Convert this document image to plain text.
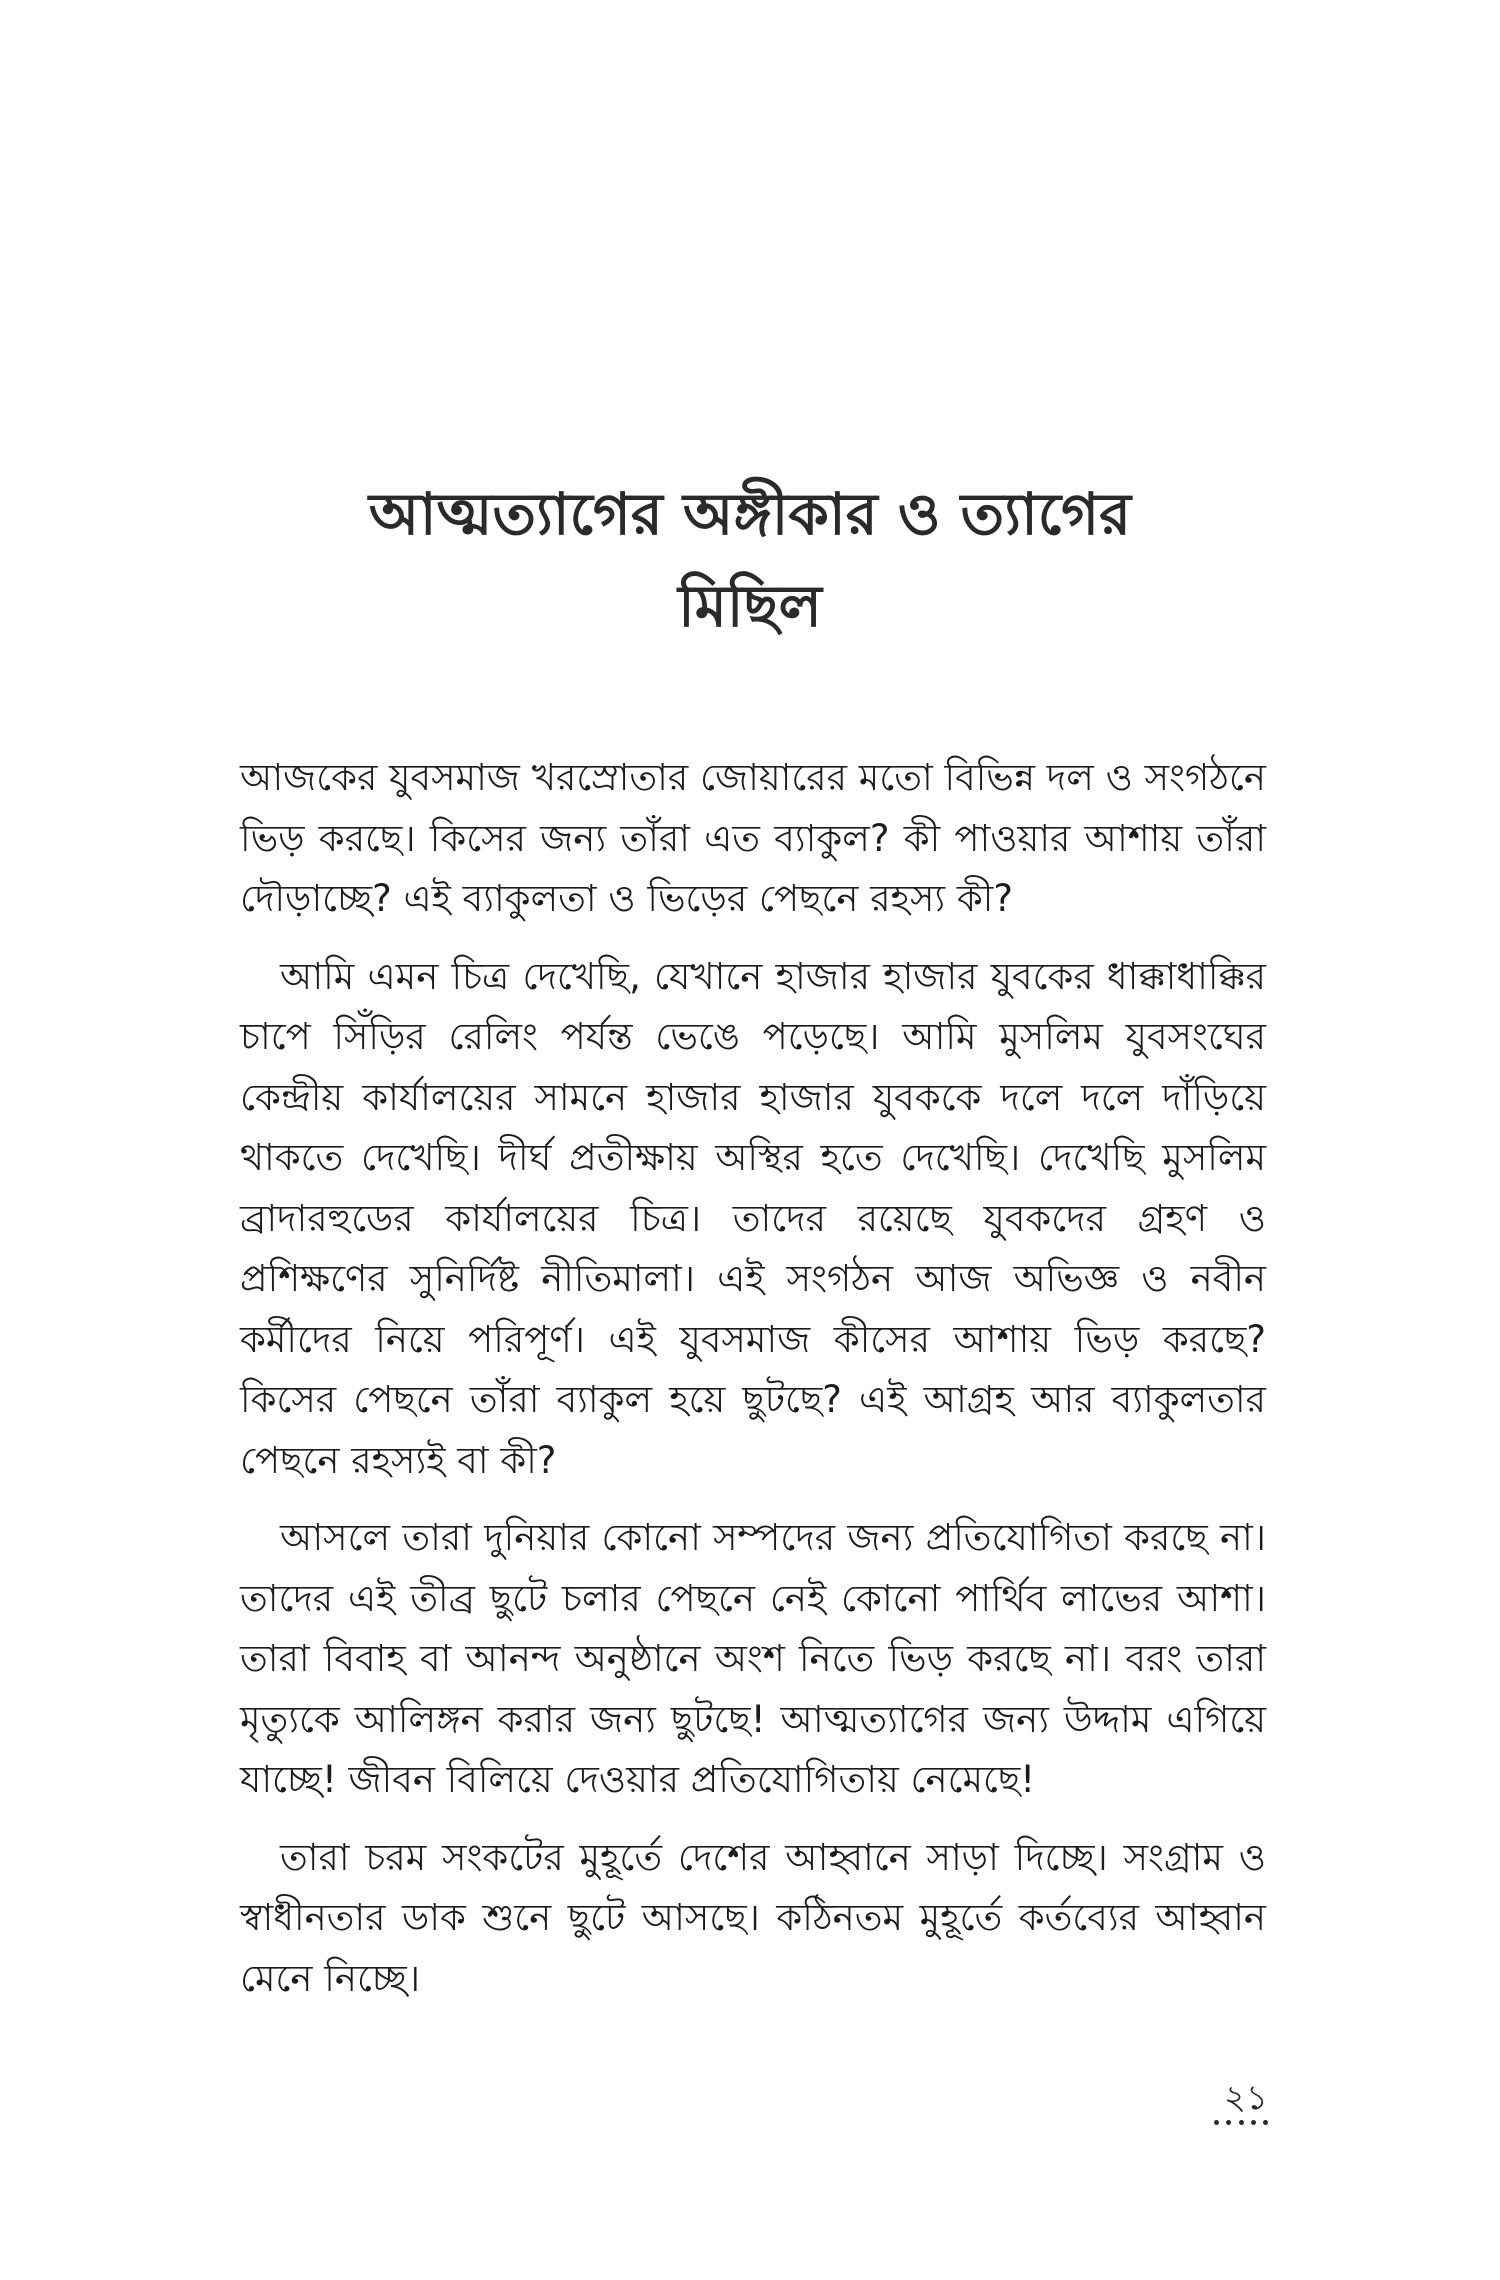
আত্মত্যাগের অঙ্গীকার ও ত্যাগের
মিছিল

আজকের যুবসমাজ খরস্রোতার জোয়ারের মতো বিভিন্ন দল ও সংগঠনে ভিড় করছে। কিসের জন্য তাঁরা এত ব্যাকুল? কী পাওয়ার আশায় তাঁরা দৌড়াচ্ছে? এই ব্যাকুলতা ও ভিড়ের পেছনে রহস্য কী?

আমি এমন চিত্র দেখেছি, যেখানে হাজার হাজার যুবকের ধাক্কাধাক্কির চাপে সিঁড়ির রেলিং পর্যন্ত ভেঙে পড়েছে। আমি মুসলিম যুবসংঘের কেন্দ্রীয় কার্যালয়ের সামনে হাজার হাজার যুবককে দলে দলে দাঁড়িয়ে থাকতে দেখেছি। দীর্ঘ প্রতীক্ষায় অস্থির হতে দেখেছি। দেখেছি মুসলিম ব্রাদারহুডের কার্যালয়ের চিত্র। তাদের রয়েছে যুবকদের গ্রহণ ও প্রশিক্ষণের সুনির্দিষ্ট নীতিমালা। এই সংগঠন আজ অভিজ্ঞ ও নবীন কর্মীদের নিয়ে পরিপূর্ণ। এই যুবসমাজ কীসের আশায় ভিড় করছে? কিসের পেছনে তাঁরা ব্যাকুল হয়ে ছুটছে? এই আগ্রহ আর ব্যাকুলতার পেছনে রহস্যই বা কী?

আসলে তারা দুনিয়ার কোনো সম্পদের জন্য প্রতিযোগিতা করছে না। তাদের এই তীব্র ছুটে চলার পেছনে নেই কোনো পার্থিব লাভের আশা। তারা বিবাহ বা আনন্দ অনুষ্ঠানে অংশ নিতে ভিড় করছে না। বরং তারা মৃত্যুকে আলিঙ্গন করার জন্য ছুটছে! আত্মত্যাগের জন্য উদ্দাম এগিয়ে যাচ্ছে! জীবন বিলিয়ে দেওয়ার প্রতিযোগিতায় নেমেছে!

তারা চরম সংকটের মুহূর্তে দেশের আহ্বানে সাড়া দিচ্ছে। সংগ্রাম ও স্বাধীনতার ডাক শুনে ছুটে আসছে। কঠিনতম মুহূর্তে কর্তব্যের আহ্বান মেনে নিচ্ছে।

২১
